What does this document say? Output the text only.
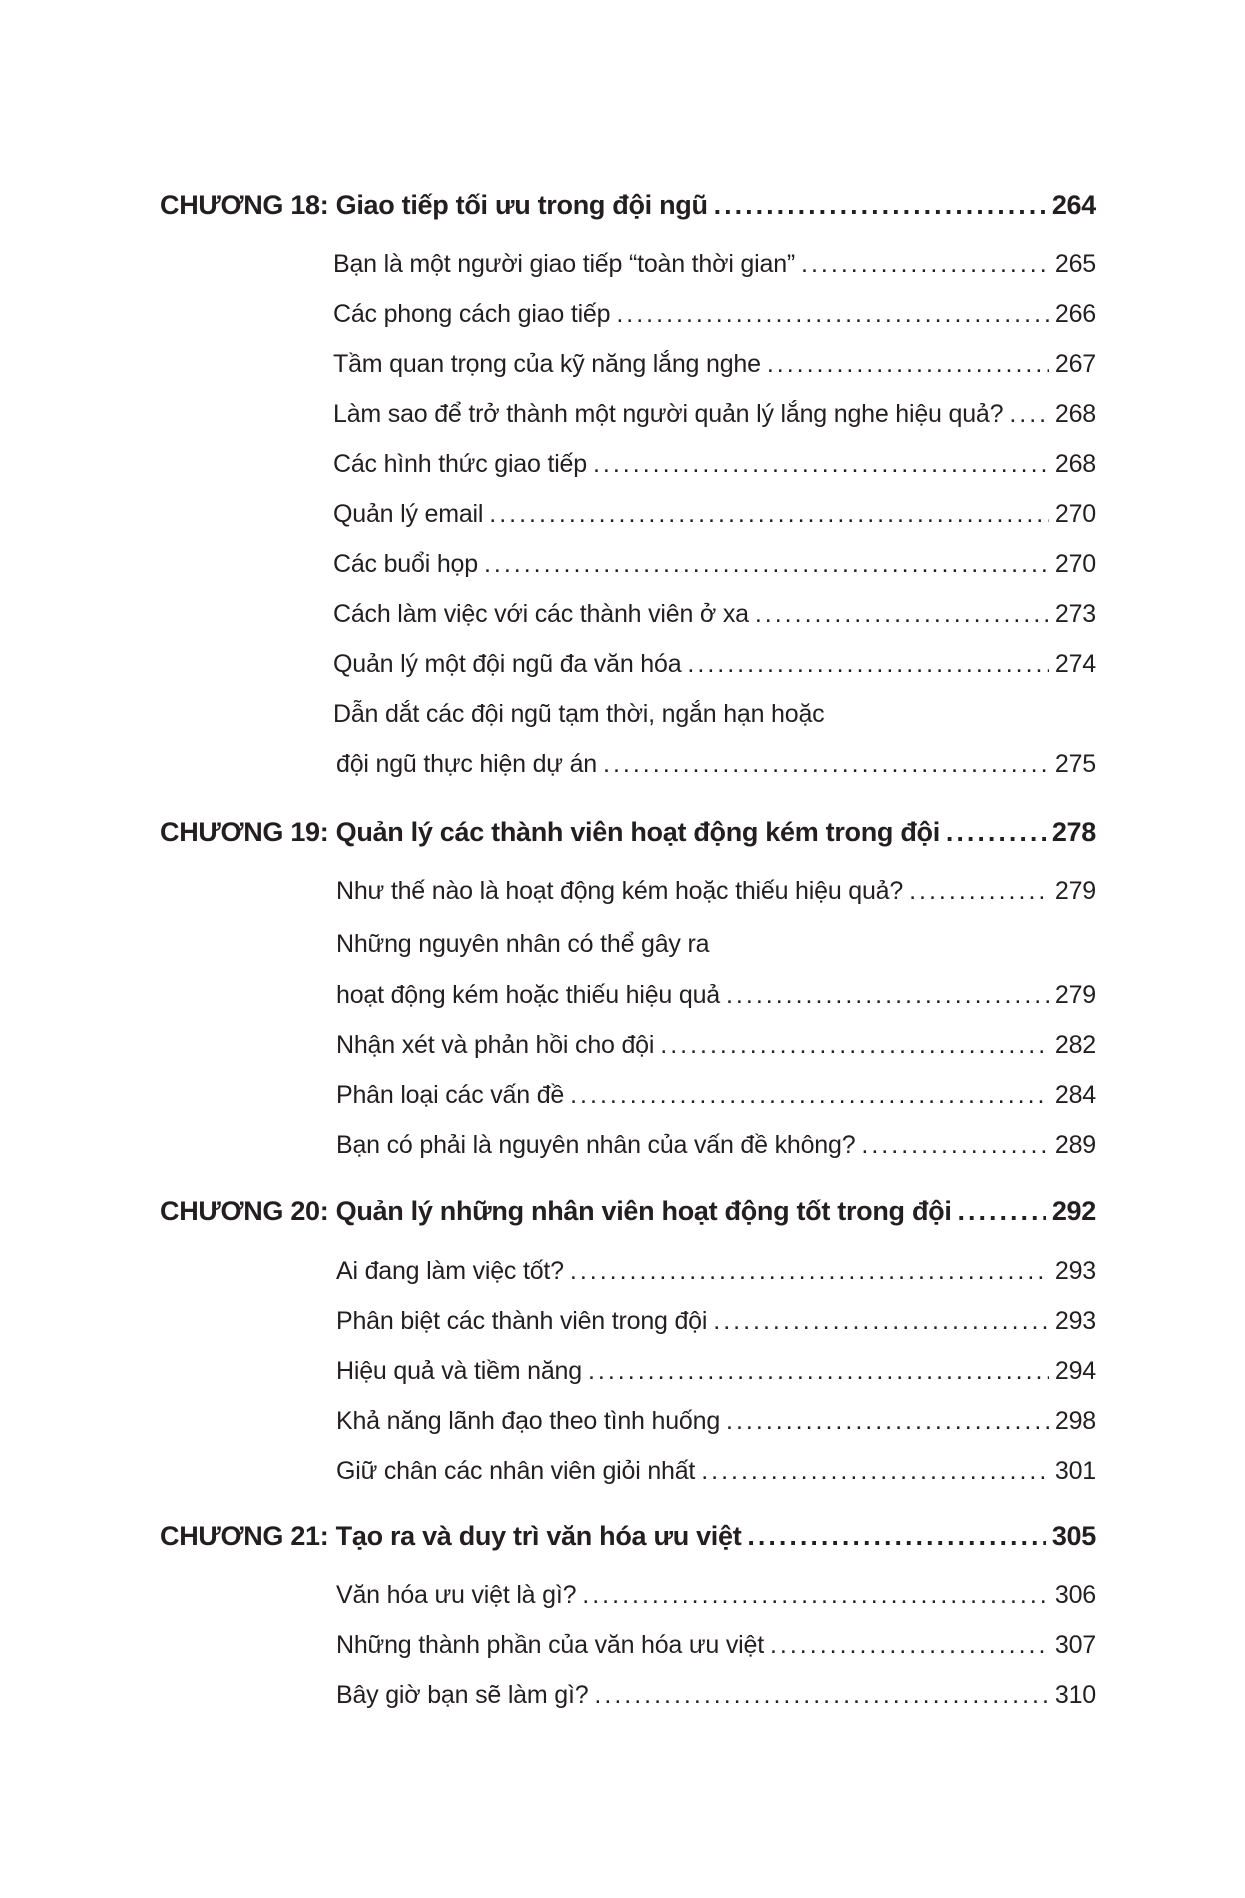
CHƯƠNG 18: Giao tiếp tối ưu trong đội ngũ .....	264
Bạn là một người giao tiếp “toàn thời gian” .....	265
Các phong cách giao tiếp .....	266
Tầm quan trọng của kỹ năng lắng nghe .....	267
Làm sao để trở thành một người quản lý lắng nghe hiệu quả? ..... 268
Các hình thức giao tiếp .....	268
Quản lý email .....	270
Các buổi họp .....	270
Cách làm việc với các thành viên ở xa .....	273
Quản lý một đội ngũ đa văn hóa .....	274
Dẫn dắt các đội ngũ tạm thời, ngắn hạn hoặc
đội ngũ thực hiện dự án .....	275
CHƯƠNG 19: Quản lý các thành viên hoạt động kém trong đội .....	278
Như thế nào là hoạt động kém hoặc thiếu hiệu quả? .....	279
Những nguyên nhân có thể gây ra
hoạt động kém hoặc thiếu hiệu quả .....	279
Nhận xét và phản hồi cho đội .....	282
Phân loại các vấn đề .....	284
Bạn có phải là nguyên nhân của vấn đề không? .....	289
CHƯƠNG 20: Quản lý những nhân viên hoạt động tốt trong đội .....	292
Ai đang làm việc tốt? .....	293
Phân biệt các thành viên trong đội .....	293
Hiệu quả và tiềm năng .....	294
Khả năng lãnh đạo theo tình huống .....	298
Giữ chân các nhân viên giỏi nhất .....	301
CHƯƠNG 21: Tạo ra và duy trì văn hóa ưu việt .....	305
Văn hóa ưu việt là gì? .....	306
Những thành phần của văn hóa ưu việt .....	307
Bây giờ bạn sẽ làm gì? .....	310
